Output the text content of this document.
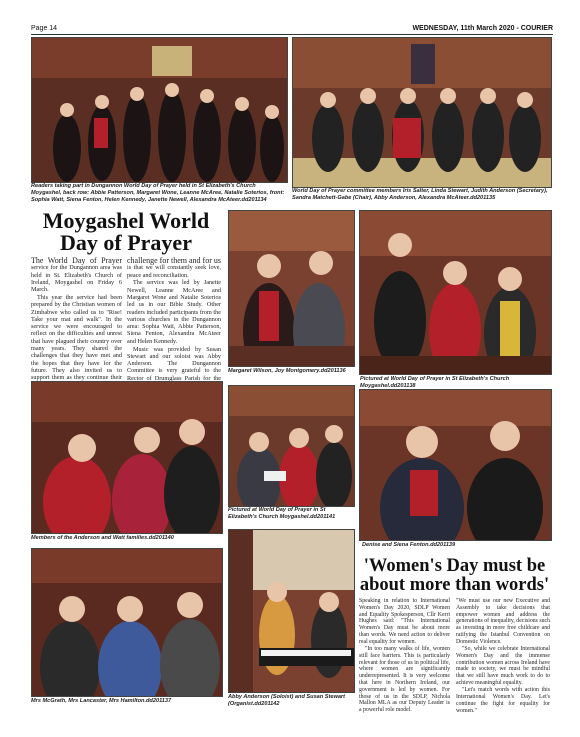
Page 14	WEDNESDAY, 11th March 2020 - COURIER
Readers taking part in Dungannon World Day of Prayer held in St Elizabeth's Church Moygashel, back row: Abbie Patterson, Margaret Wone, Leanne McAree, Natalie Soterios, front: Sophia Watt, Siena Fenton, Helen Kennedy, Janette Newell, Alexandra McAteer.dd201134
World Day of Prayer committee members Iris Salter, Linda Stewart, Judith Anderson (Secretary), Sandra Matchett-Gabe (Chair), Abby Anderson, Alexandra McAteer.dd201135
Moygashel World
Day of Prayer

The World Day of Prayer service for the Dungannon area was held in St. Elizabeth's Church of Ireland, Moygashel on Friday 6 March.

This year the service had been prepared by the Christian women of Zimbabwe who called us to "Rise! Take your mat and walk". In the service we were encouraged to reflect on the difficulties and unrest that have plagued their country over many years. They shared the challenges that they have met and the hopes that they have for the future. They also invited us to support them as they continue their

challenge for them and for us is that we will constantly seek love, peace and reconciliation.

The service was led by Janette Newell, Leanne McAree and Margaret Wone and Natalie Soterios led us in our Bible Study. Other readers included participants from the various churches in the Dungannon area: Sophia Watt, Abbie Patterson, Siena Fenton, Alexandra McAteer and Helen Kennedy.

Music was provided by Susan Stewart and our soloist was Abby Anderson. The Dungannon Committee is very grateful to the Rector of Drumglass Parish for the

Margaret Wilson, Joy Montgomery.dd201136
Pictured at World Day of Prayer in St Elizabeth's Church Moygashel.dd201138
Members of the Anderson and Watt families.dd201140
Pictured at World Day of Prayer in St Elizabeth's Church Moygashel.dd201141
Denise and Siena Fenton.dd201139
Mrs McGrath, Mrs Lancaster, Mrs Hamilton.dd201137
Abby Anderson (Soloist) and Susan Stewart (Organist.dd201142
'Women's Day must be
about more than words'

Speaking in relation to International Women's Day 2020, SDLP Women and Equality Spokesperson, Cllr Kerri Hughes said: "This International Women's Day must be about more than words. We need action to deliver real equality for women.

"In too many walks of life, women still face barriers. This is particularly relevant for those of us in political life, where women are significantly underrepresented. It is very welcome that here in Northern Ireland, our government is led by women. For those of us in the SDLP, Nichola Mallon MLA as our Deputy Leader is a powerful role model.

"We must use our new Executive and Assembly to take decisions that empower women and address the generations of inequality, decisions such as investing in more free childcare and ratifying the Istanbul Convention on Domestic Violence.

"So, while we celebrate International Women's Day and the immense contribution women across Ireland have made to society, we must be mindful that we still have much work to do to achieve meaningful equality.

"Let's match words with action this International Women's Day. Let's continue the fight for equality for women."
